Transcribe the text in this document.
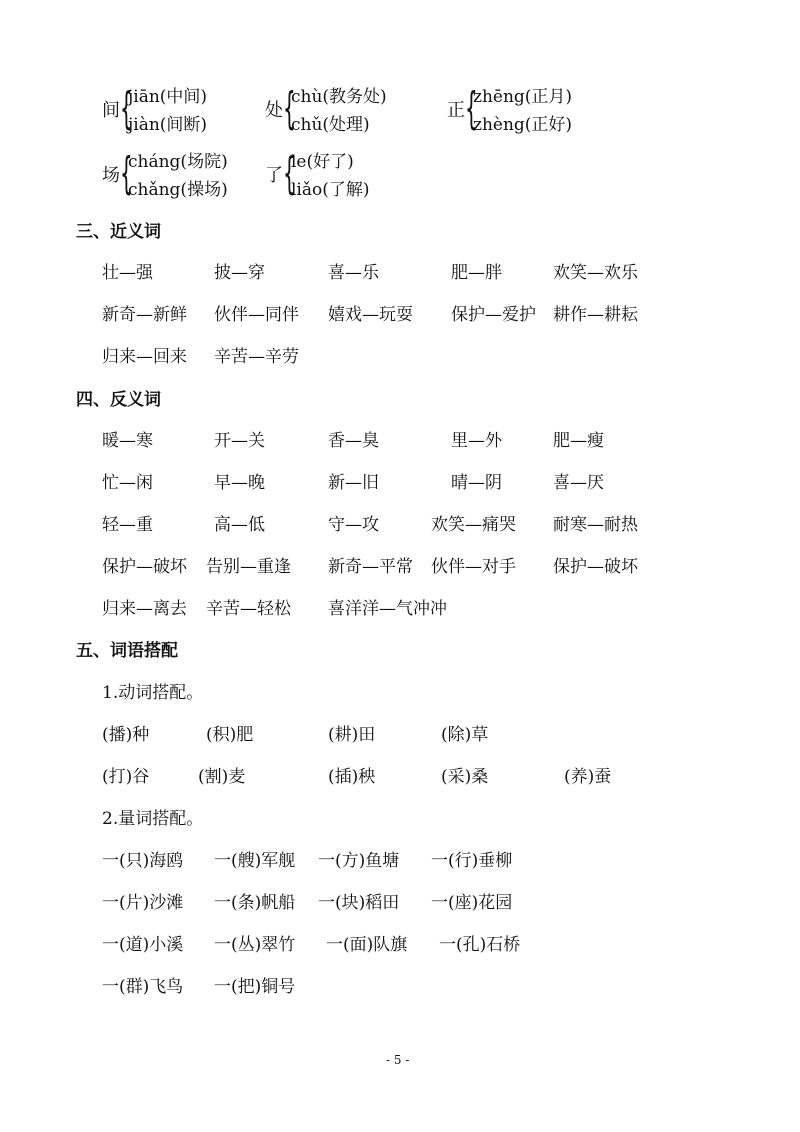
间 {
jiān(中间)
jiàn(间断)
处 {
chù(教务处)
chǔ(处理)
正 {
zhēng(正月)
zhèng(正好)
场 {
cháng(场院)
chǎng(操场)
了 {
le(好了)
liǎo(了解)
三、近义词
壮—强	披—穿	喜—乐	肥—胖	欢笑—欢乐
新奇—新鲜 伙伴—同伴 嬉戏—玩耍 保护—爱护 耕作—耕耘
归来—回来 辛苦—辛劳
四、反义词
暖—寒	开—关	香—臭	里—外	肥—瘦
忙—闲	早—晚	新—旧	晴—阴	喜—厌
轻—重	高—低	守—攻	欢笑—痛哭 耐寒—耐热
保护—破坏 告别—重逢 新奇—平常 伙伴—对手 保护—破坏
归来—离去 辛苦—轻松 喜洋洋—气冲冲
五、词语搭配
1.动词搭配。
(播)种	(积)肥	(耕)田	(除)草
(打)谷	(割)麦	(插)秧	(采)桑	(养)蚕
2.量词搭配。
一(只)海鸥 一(艘)军舰 一(方)鱼塘 一(行)垂柳
一(片)沙滩 一(条)帆船 一(块)稻田 一(座)花园
一(道)小溪 一(丛)翠竹 一(面)队旗 一(孔)石桥
一(群)飞鸟 一(把)铜号
- 5 -
